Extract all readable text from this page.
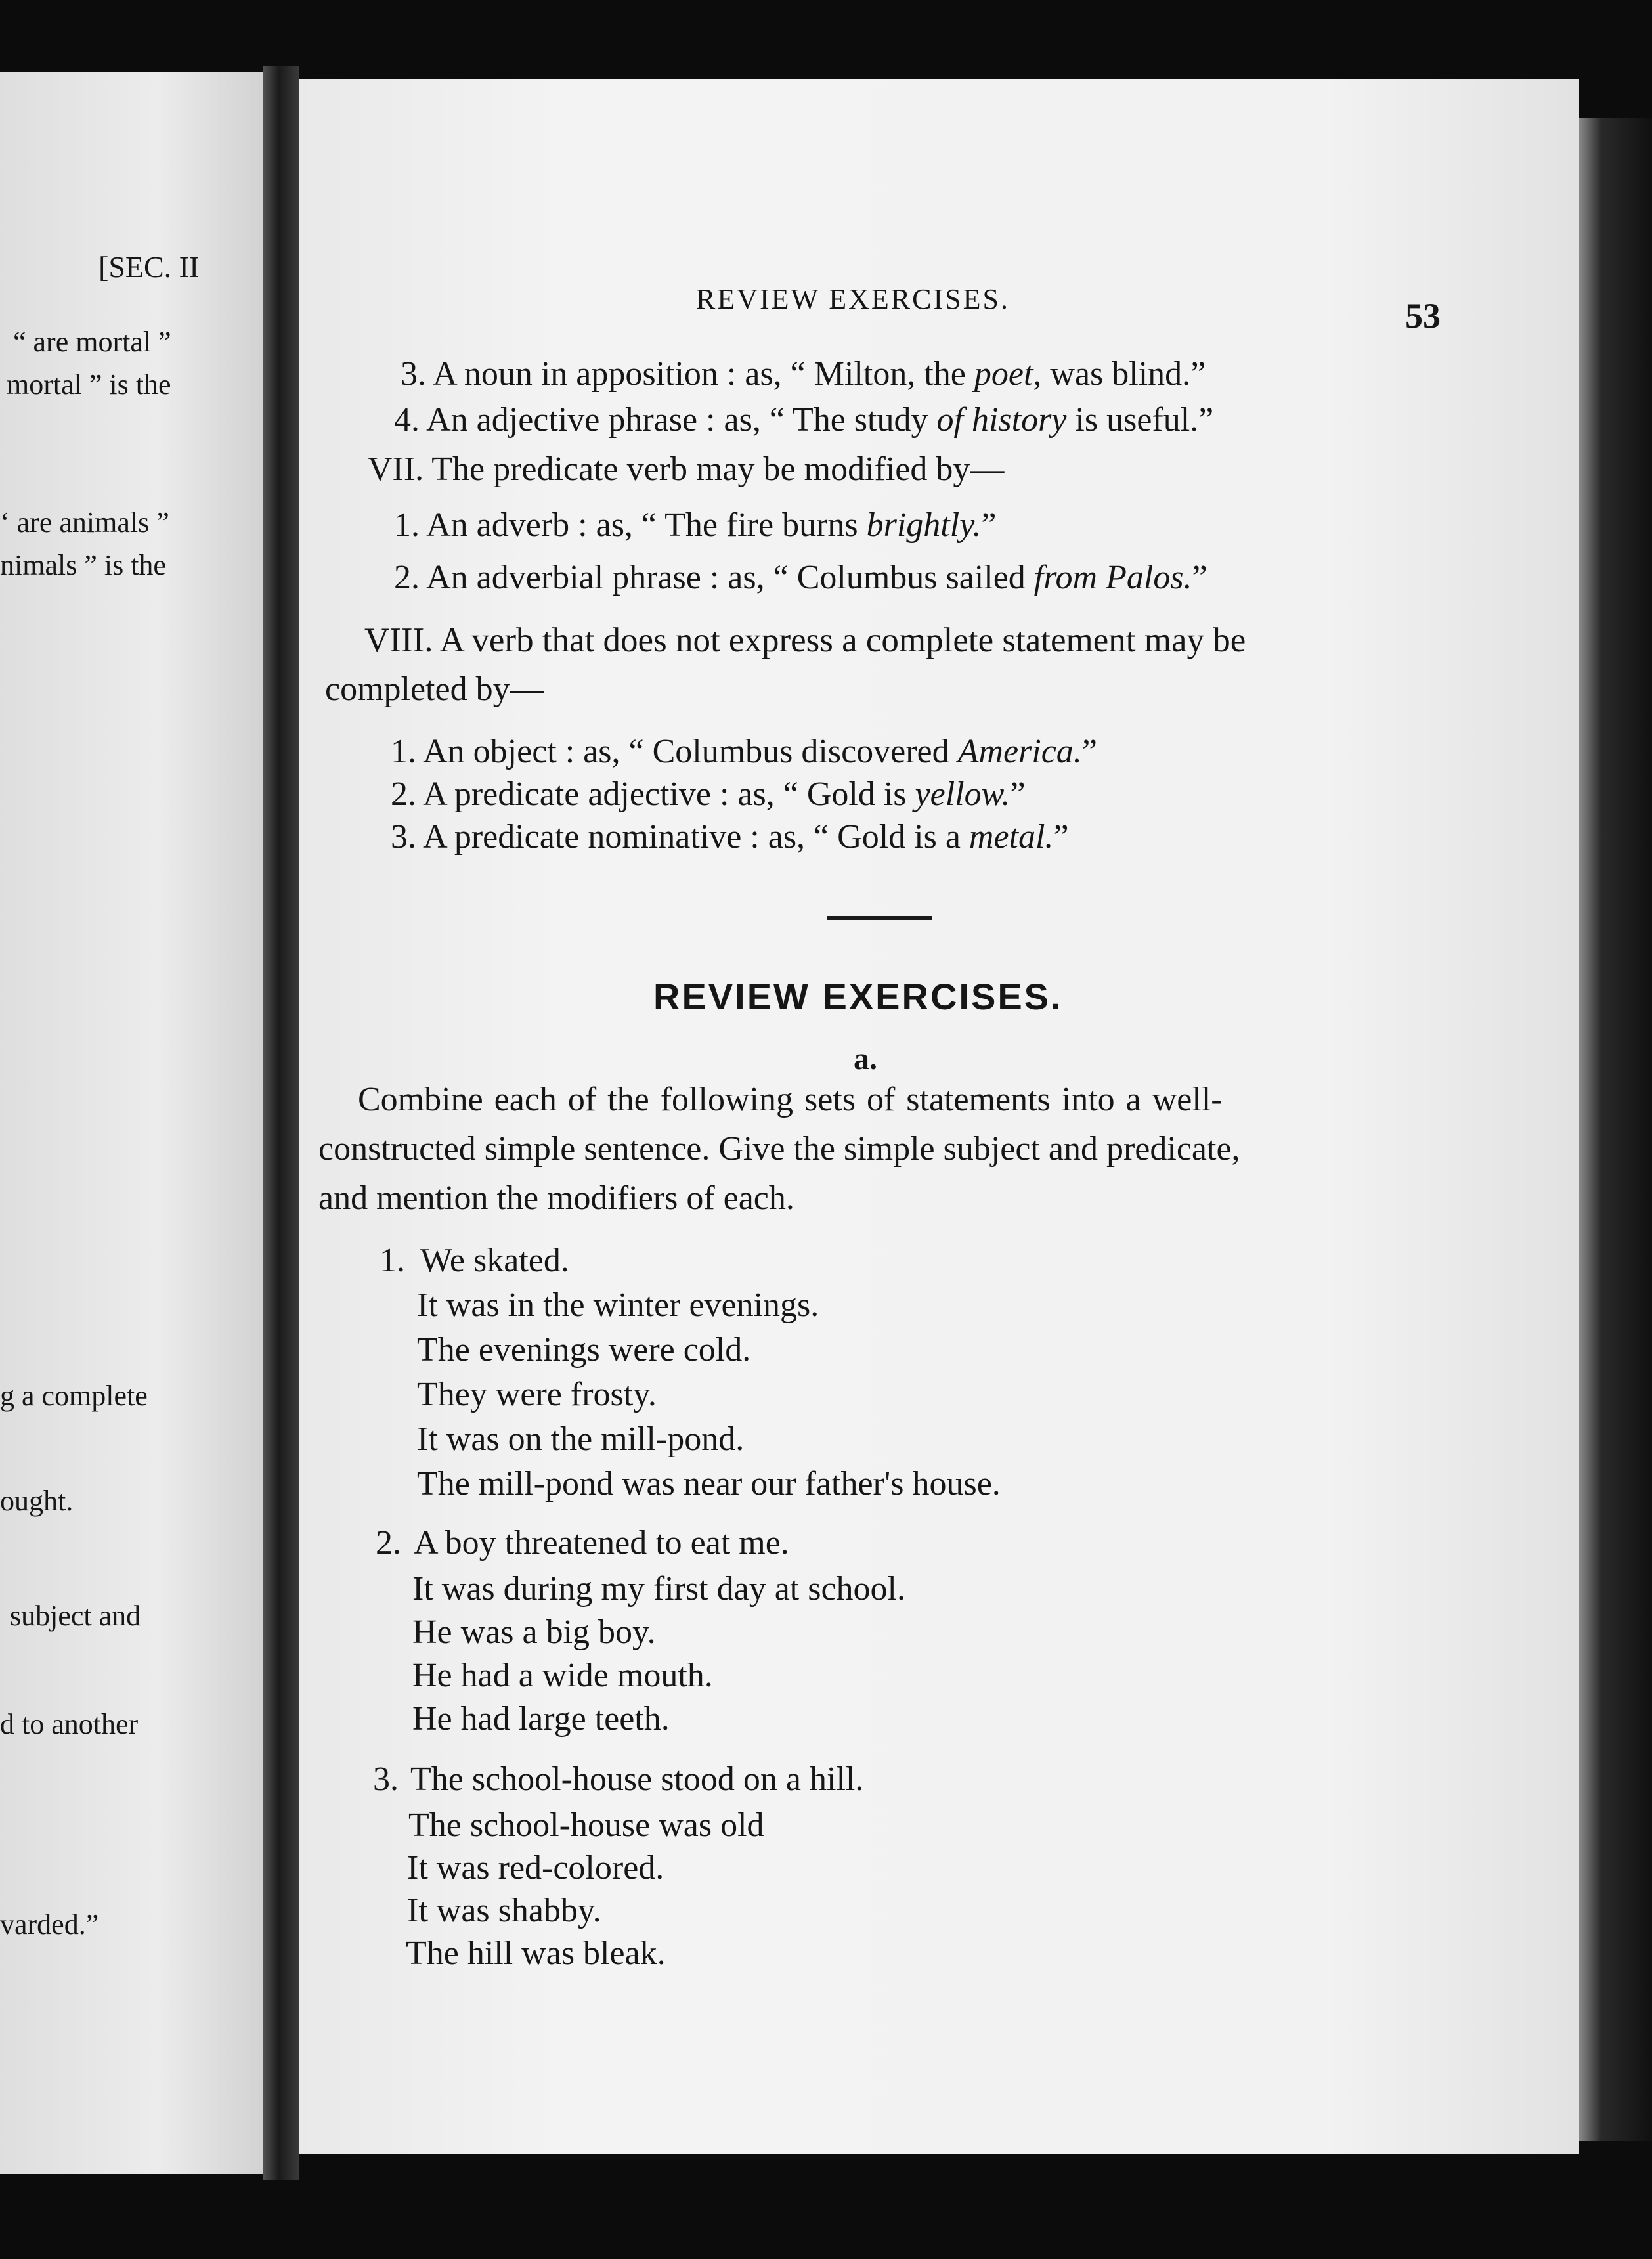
[SEC. II
“ are mortal ”
mortal ” is the
‘ are animals ”
nimals ” is the
g a complete
ought.
subject and
d to another
varded.”
REVIEW EXERCISES.	53
3. A noun in apposition : as, “ Milton, the poet, was blind.”
4. An adjective phrase : as, “ The study of history is useful.”
VII. The predicate verb may be modified by—
1. An adverb : as, “ The fire burns brightly.”
2. An adverbial phrase : as, “ Columbus sailed from Palos.”
VIII. A verb that does not express a complete statement may be
completed by—
1. An object : as, “ Columbus discovered America.”
2. A predicate adjective : as, “ Gold is yellow.”
3. A predicate nominative : as, “ Gold is a metal.”
REVIEW EXERCISES.
a.
Combine each of the following sets of statements into a well-
constructed simple sentence. Give the simple subject and predicate,
and mention the modifiers of each.
1. We skated.
It was in the winter evenings.
The evenings were cold.
They were frosty.
It was on the mill-pond.
The mill-pond was near our father's house.
2. A boy threatened to eat me.
It was during my first day at school.
He was a big boy.
He had a wide mouth.
He had large teeth.
3. The school-house stood on a hill.
The school-house was old
It was red-colored.
It was shabby.
The hill was bleak.
